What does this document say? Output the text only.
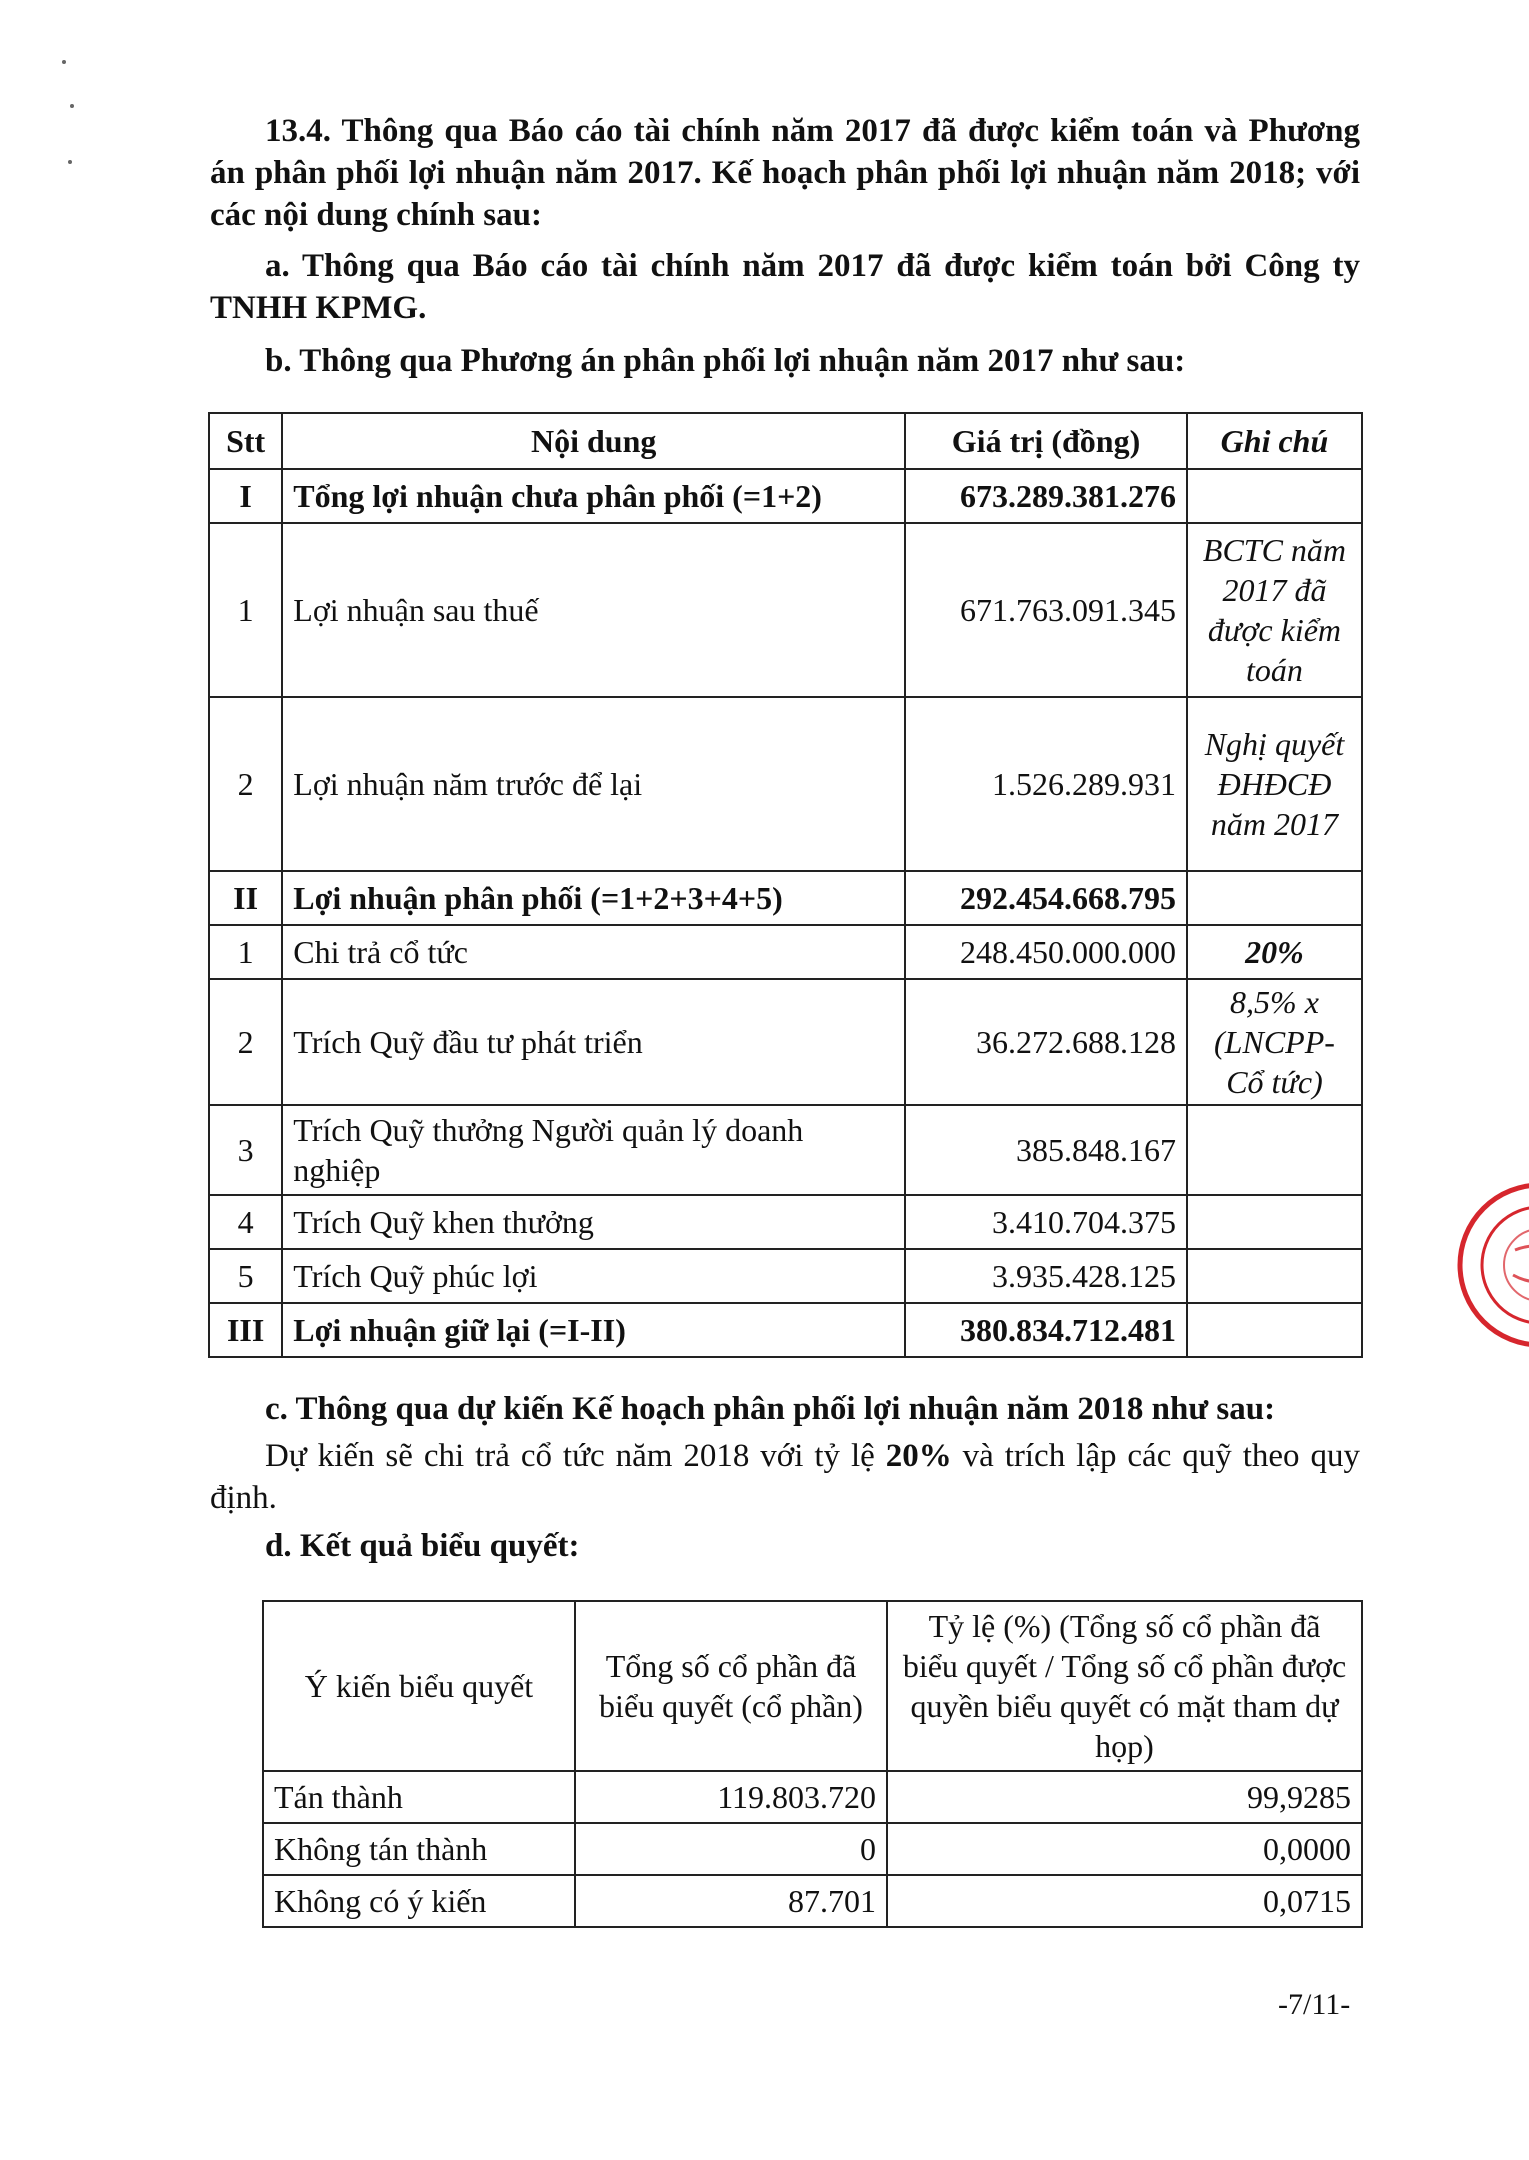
13.4. Thông qua Báo cáo tài chính năm 2017 đã được kiểm toán và Phương án phân phối lợi nhuận năm 2017. Kế hoạch phân phối lợi nhuận năm 2018; với các nội dung chính sau:
a. Thông qua Báo cáo tài chính năm 2017 đã được kiểm toán bởi Công ty TNHH KPMG.
b. Thông qua Phương án phân phối lợi nhuận năm 2017 như sau:
Stt	Nội dung	Giá trị (đồng)	Ghi chú
I	Tổng lợi nhuận chưa phân phối (=1+2)	673.289.381.276	
1	Lợi nhuận sau thuế	671.763.091.345	BCTC năm 2017 đã được kiểm toán
2	Lợi nhuận năm trước để lại	1.526.289.931	Nghị quyết ĐHĐCĐ năm 2017
II	Lợi nhuận phân phối (=1+2+3+4+5)	292.454.668.795	
1	Chi trả cổ tức	248.450.000.000	20%
2	Trích Quỹ đầu tư phát triển	36.272.688.128	8,5% x (LNCPP-Cổ tức)
3	Trích Quỹ thưởng Người quản lý doanh nghiệp	385.848.167	
4	Trích Quỹ khen thưởng	3.410.704.375	
5	Trích Quỹ phúc lợi	3.935.428.125	
III	Lợi nhuận giữ lại (=I-II)	380.834.712.481	
c. Thông qua dự kiến Kế hoạch phân phối lợi nhuận năm 2018 như sau:
Dự kiến sẽ chi trả cổ tức năm 2018 với tỷ lệ 20% và trích lập các quỹ theo quy định.
d. Kết quả biểu quyết:
Ý kiến biểu quyết	Tổng số cổ phần đã biểu quyết (cổ phần)	Tỷ lệ (%) (Tổng số cổ phần đã biểu quyết / Tổng số cổ phần được quyền biểu quyết có mặt tham dự họp)
Tán thành	119.803.720	99,9285
Không tán thành	0	0,0000
Không có ý kiến	87.701	0,0715
-7/11-
